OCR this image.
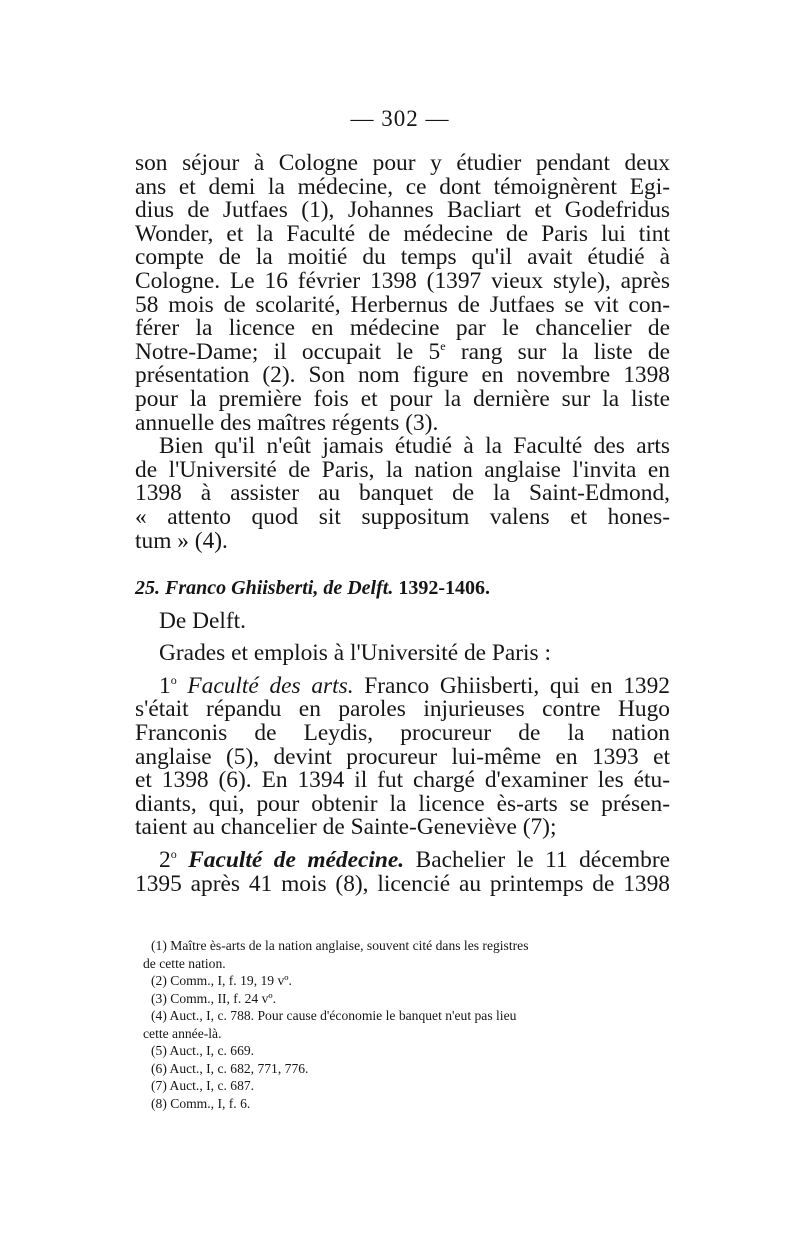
— 302 —
son séjour à Cologne pour y étudier pendant deux
ans et demi la médecine, ce dont témoignèrent Egi-
dius de Jutfaes (1), Johannes Bacliart et Godefridus
Wonder, et la Faculté de médecine de Paris lui tint
compte de la moitié du temps qu'il avait étudié à
Cologne. Le 16 février 1398 (1397 vieux style), après
58 mois de scolarité, Herbernus de Jutfaes se vit con-
férer la licence en médecine par le chancelier de
Notre-Dame; il occupait le 5e rang sur la liste de
présentation (2). Son nom figure en novembre 1398
pour la première fois et pour la dernière sur la liste
annuelle des maîtres régents (3).
Bien qu'il n'eût jamais étudié à la Faculté des arts
de l'Université de Paris, la nation anglaise l'invita en
1398 à assister au banquet de la Saint-Edmond,
« attento quod sit suppositum valens et hones-
tum » (4).
25. Franco Ghiisberti, de Delft. 1392-1406.
De Delft.
Grades et emplois à l'Université de Paris :
1$^o$ Faculté des arts. Franco Ghiisberti, qui en 1392
s'était répandu en paroles injurieuses contre Hugo
Franconis de Leydis, procureur de la nation
anglaise (5), devint procureur lui-même en 1393 et
et 1398 (6). En 1394 il fut chargé d'examiner les étu-
diants, qui, pour obtenir la licence ès-arts se présen-
taient au chancelier de Sainte-Geneviève (7);
2$^o$ Faculté de médecine. Bachelier le 11 décembre
1395 après 41 mois (8), licencié au printemps de 1398
(1) Maître ès-arts de la nation anglaise, souvent cité dans les registres
de cette nation.
(2) Comm., I, f. 19, 19 vº.
(3) Comm., II, f. 24 vº.
(4) Auct., I, c. 788. Pour cause d'économie le banquet n'eut pas lieu
cette année-là.
(5) Auct., I, c. 669.
(6) Auct., I, c. 682, 771, 776.
(7) Auct., I, c. 687.
(8) Comm., I, f. 6.
